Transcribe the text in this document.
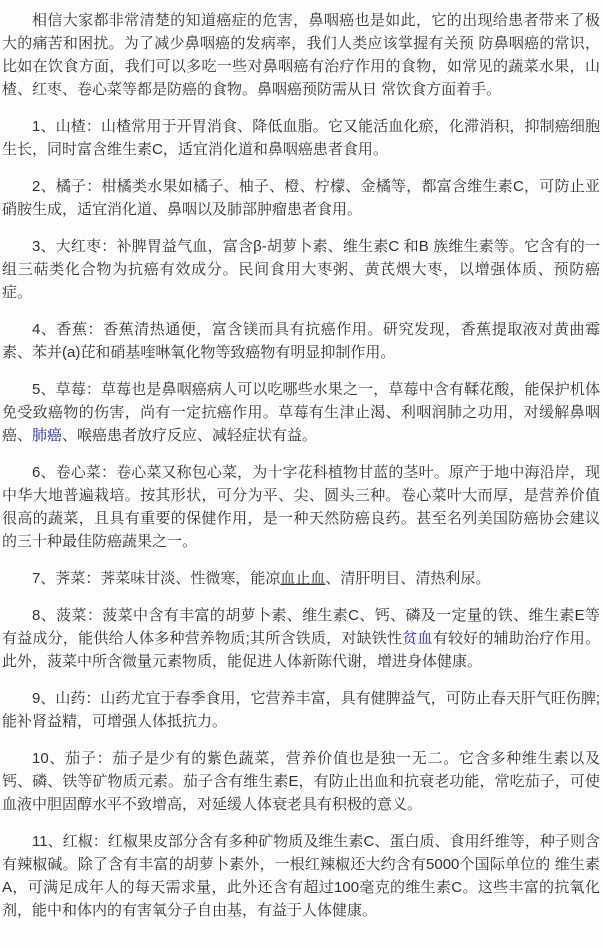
相信大家都非常清楚的知道癌症的危害，鼻咽癌也是如此，它的出现给患者带来了极大的痛苦和困扰。为了减少鼻咽癌的发病率，我们人类应该掌握有关预 防鼻咽癌的常识，比如在饮食方面，我们可以多吃一些对鼻咽癌有治疗作用的食物，如常见的蔬菜水果，山楂、红枣、卷心菜等都是防癌的食物。鼻咽癌预防需从日 常饮食方面着手。

1、山楂：山楂常用于开胃消食、降低血脂。它又能活血化瘀，化滞消积，抑制癌细胞生长，同时富含维生素C，适宜消化道和鼻咽癌患者食用。

2、橘子：柑橘类水果如橘子、柚子、橙、柠檬、金橘等，都富含维生素C，可防止亚硝胺生成，适宜消化道、鼻咽以及肺部肿瘤患者食用。

3、大红枣：补脾胃益气血，富含β-胡萝卜素、维生素C 和B 族维生素等。它含有的一组三萜类化合物为抗癌有效成分。民间食用大枣粥、黄芪煨大枣，以增强体质、预防癌症。

4、香蕉：香蕉清热通便，富含镁而具有抗癌作用。研究发现，香蕉提取液对黄曲霉素、苯并(a)芘和硝基喹啉氧化物等致癌物有明显抑制作用。

5、草莓：草莓也是鼻咽癌病人可以吃哪些水果之一，草莓中含有鞣花酸，能保护机体免受致癌物的伤害，尚有一定抗癌作用。草莓有生津止渴、利咽润肺之功用，对缓解鼻咽癌、肺癌、喉癌患者放疗反应、减轻症状有益。

6、卷心菜：卷心菜又称包心菜，为十字花科植物甘蓝的茎叶。原产于地中海沿岸，现中华大地普遍栽培。按其形状，可分为平、尖、圆头三种。卷心菜叶大而厚，是营养价值很高的蔬菜，且具有重要的保健作用，是一种天然防癌良药。甚至名列美国防癌协会建议的三十种最佳防癌蔬果之一。

7、荠菜：荠菜味甘淡、性微寒，能凉血止血、清肝明目、清热利尿。

8、菠菜：菠菜中含有丰富的胡萝卜素、维生素C、钙、磷及一定量的铁、维生素E等有益成分，能供给人体多种营养物质;其所含铁质，对缺铁性贫血有较好的辅助治疗作用。此外，菠菜中所含微量元素物质，能促进人体新陈代谢，增进身体健康。

9、山药：山药尤宜于春季食用，它营养丰富，具有健脾益气，可防止春天肝气旺伤脾;能补肾益精，可增强人体抵抗力。

10、茄子：茄子是少有的紫色蔬菜，营养价值也是独一无二。它含多种维生素以及钙、磷、铁等矿物质元素。茄子含有维生素E，有防止出血和抗衰老功能，常吃茄子，可使血液中胆固醇水平不致增高，对延缓人体衰老具有积极的意义。

11、红椒：红椒果皮部分含有多种矿物质及维生素C、蛋白质、食用纤维等，种子则含有辣椒碱。除了含有丰富的胡萝卜素外，一根红辣椒还大约含有5000个国际单位的 维生素A，可满足成年人的每天需求量，此外还含有超过100毫克的维生素C。这些丰富的抗氧化剂，能中和体内的有害氧分子自由基，有益于人体健康。
